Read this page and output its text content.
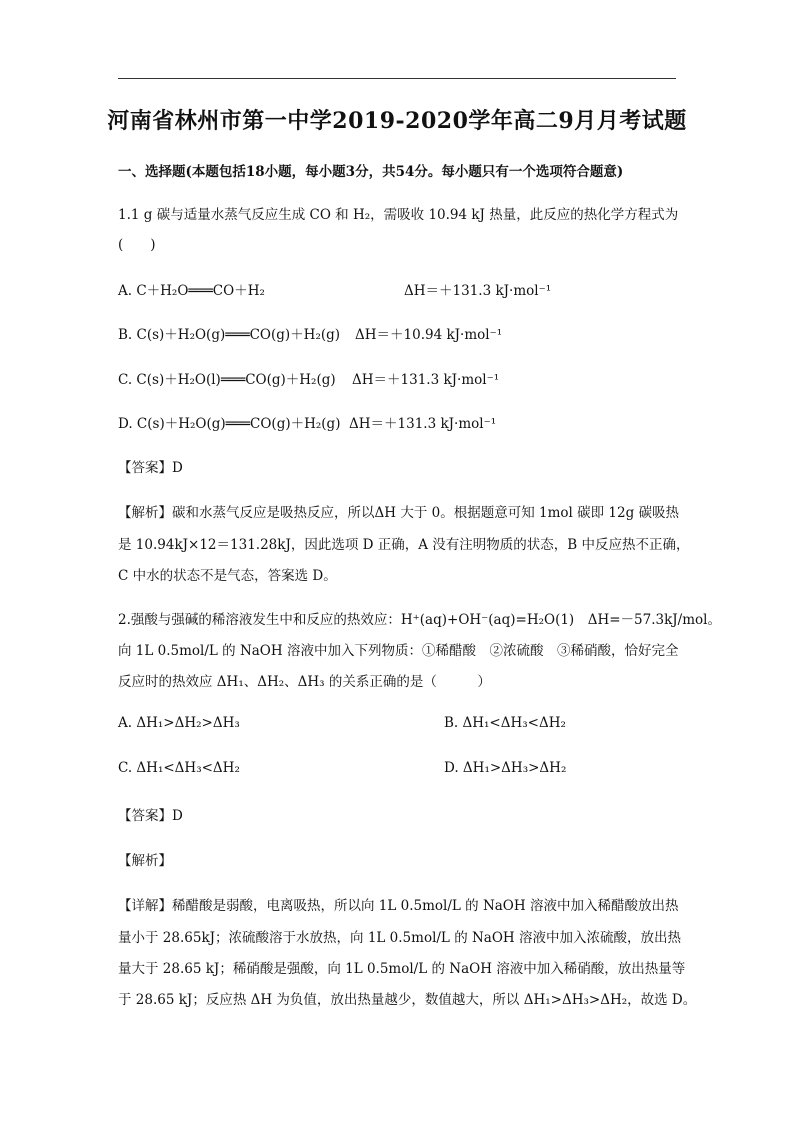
河南省林州市第一中学2019-2020学年高二9月月考试题
一、选择题(本题包括18小题，每小题3分，共54分。每小题只有一个选项符合题意)
1.1 g 碳与适量水蒸气反应生成 CO 和 H₂，需吸收 10.94 kJ 热量，此反应的热化学方程式为
(　　)
A. C＋H₂O═══CO＋H₂	ΔH＝＋131.3 kJ·mol⁻¹
B. C(s)＋H₂O(g)═══CO(g)＋H₂(g) ΔH＝＋10.94 kJ·mol⁻¹
C. C(s)＋H₂O(l)═══CO(g)＋H₂(g) ΔH＝＋131.3 kJ·mol⁻¹
D. C(s)＋H₂O(g)═══CO(g)＋H₂(g) ΔH＝＋131.3 kJ·mol⁻¹
【答案】D
【解析】碳和水蒸气反应是吸热反应，所以ΔH 大于 0。根据题意可知 1mol 碳即 12g 碳吸热
是 10.94kJ×12＝131.28kJ，因此选项 D 正确，A 没有注明物质的状态，B 中反应热不正确，
C 中水的状态不是气态，答案选 D。
2.强酸与强碱的稀溶液发生中和反应的热效应：H⁺(aq)+OH⁻(aq)=H₂O(1)　ΔH=－57.3kJ/mol。
向 1L 0.5mol/L 的 NaOH 溶液中加入下列物质：①稀醋酸　②浓硫酸　③稀硝酸，恰好完全
反应时的热效应 ΔH₁、ΔH₂、ΔH₃ 的关系正确的是（　　　）
A. ΔH₁>ΔH₂>ΔH₃	B. ΔH₁<ΔH₃<ΔH₂
C. ΔH₁<ΔH₃<ΔH₂	D. ΔH₁>ΔH₃>ΔH₂
【答案】D
【解析】
【详解】稀醋酸是弱酸，电离吸热，所以向 1L 0.5mol/L 的 NaOH 溶液中加入稀醋酸放出热
量小于 28.65kJ；浓硫酸溶于水放热，向 1L 0.5mol/L 的 NaOH 溶液中加入浓硫酸，放出热
量大于 28.65 kJ；稀硝酸是强酸，向 1L 0.5mol/L 的 NaOH 溶液中加入稀硝酸，放出热量等
于 28.65 kJ；反应热 ΔH 为负值，放出热量越少，数值越大，所以 ΔH₁>ΔH₃>ΔH₂，故选 D。
